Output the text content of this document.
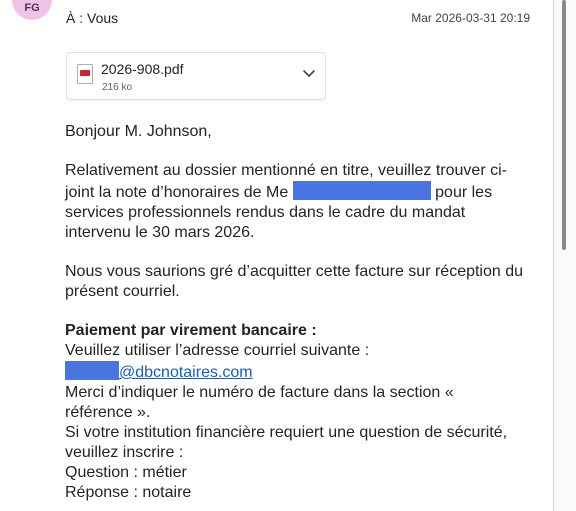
FG
À : Vous	Mar 2026-03-31 20:19
2026-908.pdf
216 ko

Bonjour M. Johnson,

Relativement au dossier mentionné en titre, veuillez trouver ci-joint la note d’honoraires de Me	pour les services professionnels rendus dans le cadre du mandat intervenu le 30 mars 2026.

Nous vous saurions gré d’acquitter cette facture sur réception du présent courriel.

Paiement par virement bancaire :
Veuillez utiliser l’adresse courriel suivante :
@dbcnotaires.com
Merci d’indiquer le numéro de facture dans la section « référence ».
Si votre institution financière requiert une question de sécurité, veuillez inscrire :
Question : métier
Réponse : notaire
